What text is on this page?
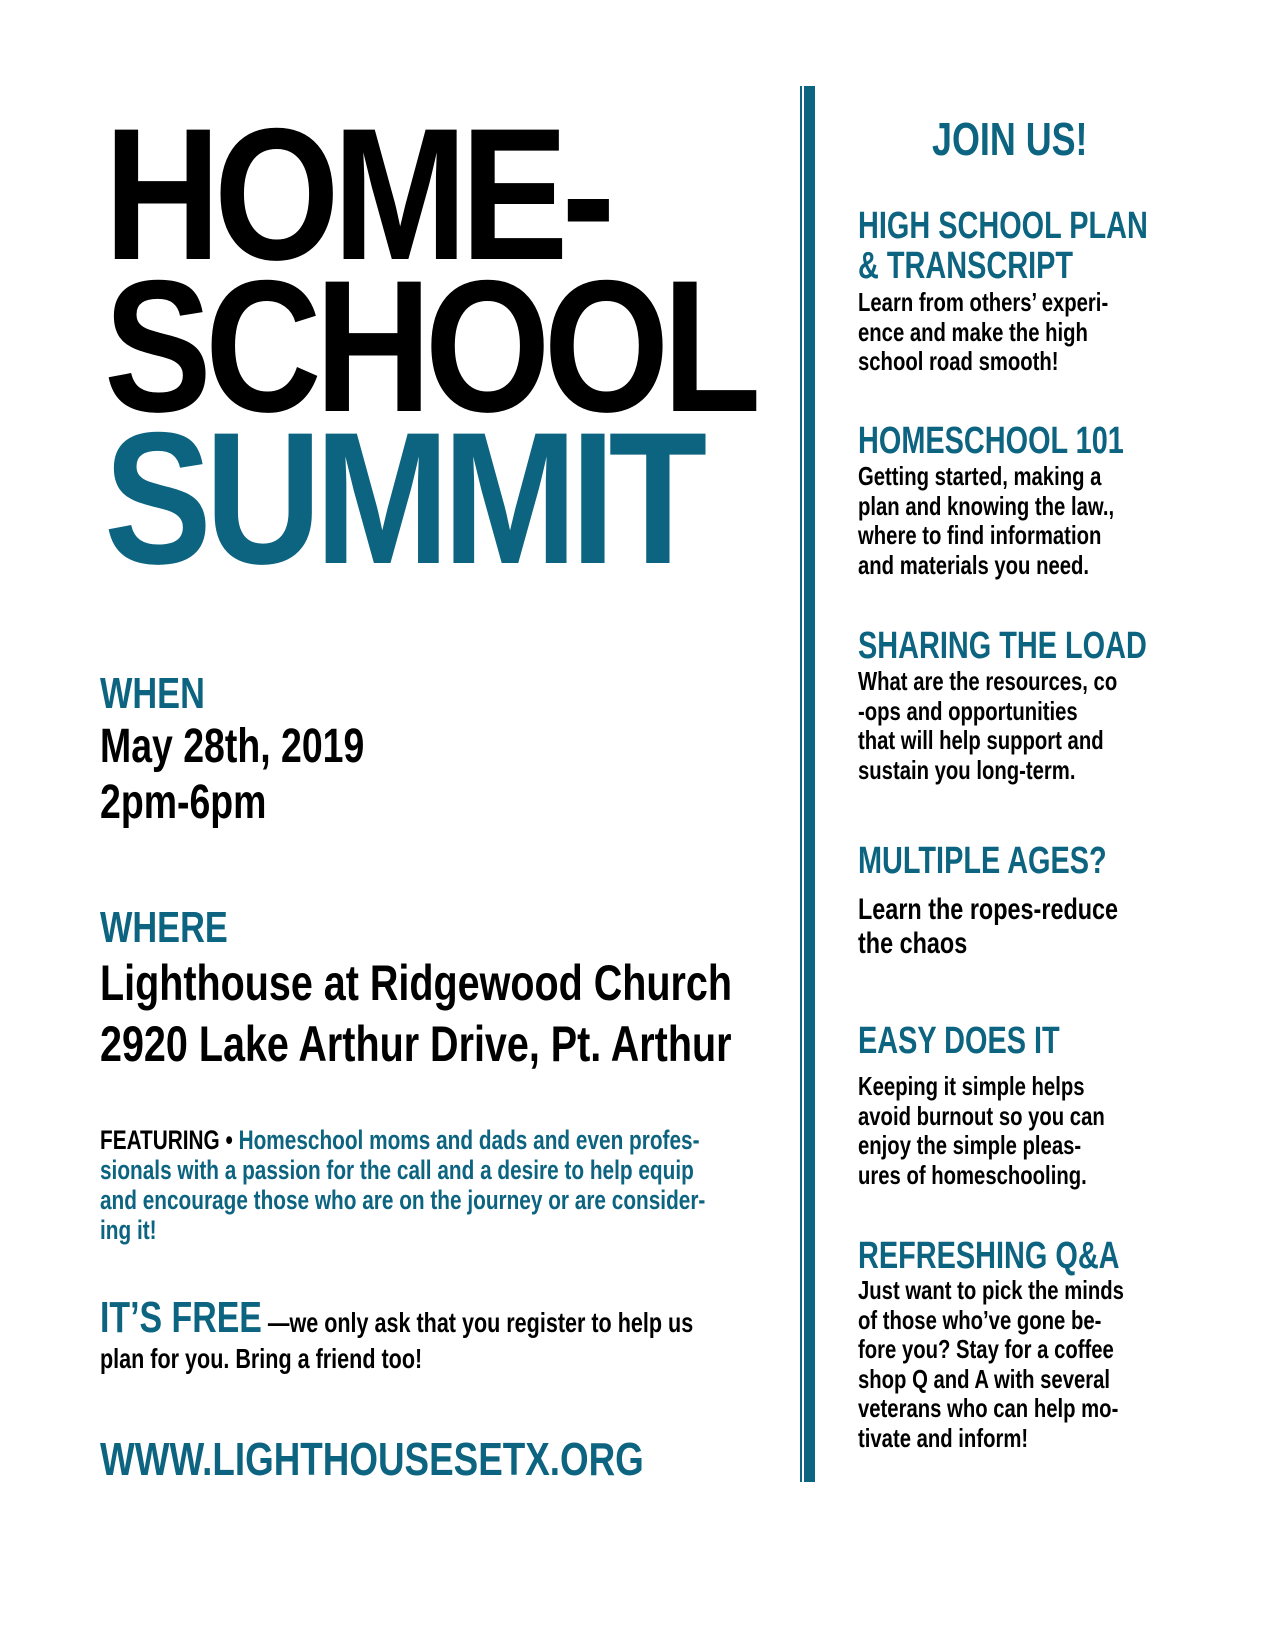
HOME-
SCHOOL
SUMMIT
WHEN
May 28th, 2019
2pm-6pm
WHERE
Lighthouse at Ridgewood Church
2920 Lake Arthur Drive, Pt. Arthur
FEATURING • Homeschool moms and dads and even profes-
sionals with a passion for the call and a desire to help equip
and encourage those who are on the journey or are consider-
ing it!
IT’S FREE —we only ask that you register to help us
plan for you. Bring a friend too!
WWW.LIGHTHOUSESETX.ORG
JOIN US!
HIGH SCHOOL PLAN
& TRANSCRIPT
Learn from others’ experi-
ence and make the high
school road smooth!
HOMESCHOOL 101
Getting started, making a
plan and knowing the law.,
where to find information
and materials you need.
SHARING THE LOAD
What are the resources, co
-ops and opportunities
that will help support and
sustain you long-term.
MULTIPLE AGES?
Learn the ropes-reduce
the chaos
EASY DOES IT
Keeping it simple helps
avoid burnout so you can
enjoy the simple pleas-
ures of homeschooling.
REFRESHING Q&A
Just want to pick the minds
of those who’ve gone be-
fore you? Stay for a coffee
shop Q and A with several
veterans who can help mo-
tivate and inform!
